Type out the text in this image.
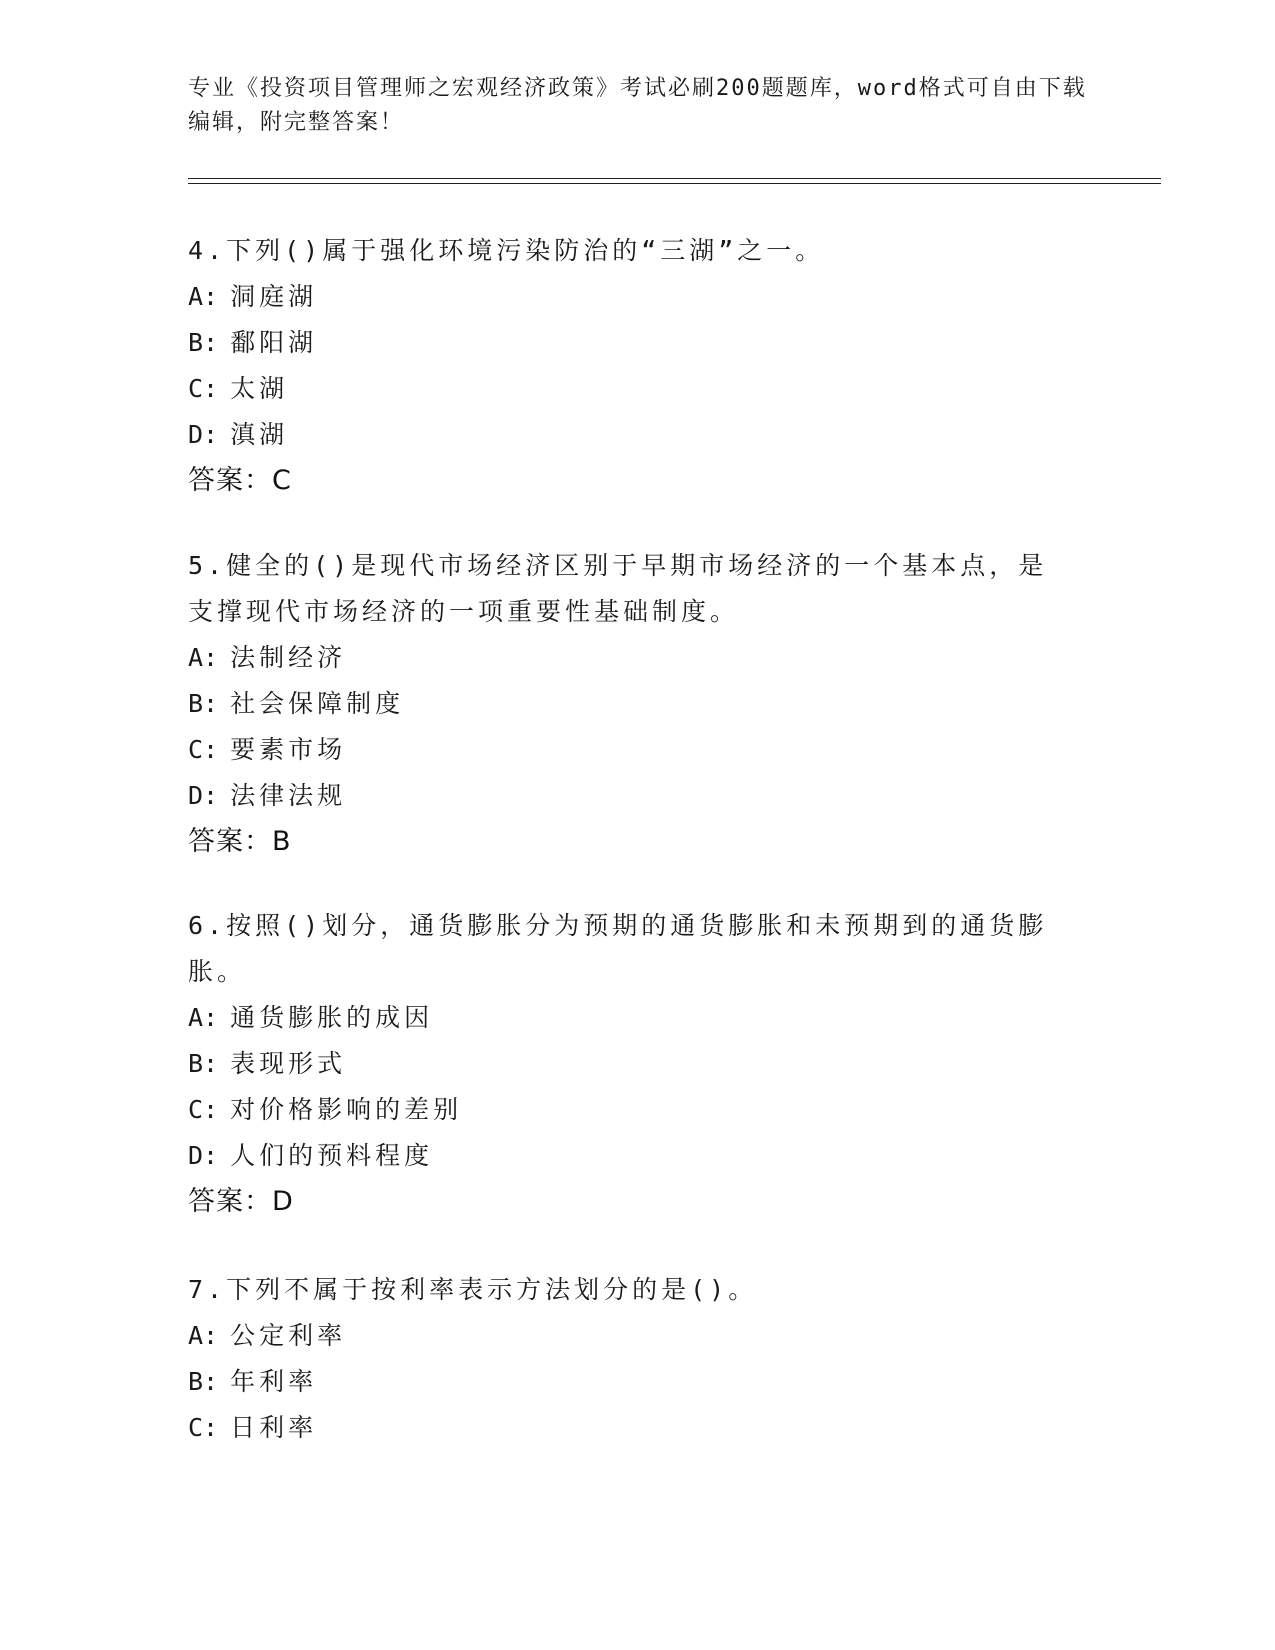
专业《投资项目管理师之宏观经济政策》考试必刷200题题库，word格式可自由下载编辑，附完整答案！

4.下列()属于强化环境污染防治的“三湖”之一。

A: 洞庭湖

B: 鄱阳湖

C: 太湖

D: 滇湖

答案：C

5.健全的()是现代市场经济区别于早期市场经济的一个基本点，是支撑现代市场经济的一项重要性基础制度。

A: 法制经济

B: 社会保障制度

C: 要素市场

D: 法律法规

答案：B

6.按照()划分，通货膨胀分为预期的通货膨胀和未预期到的通货膨胀。

A: 通货膨胀的成因

B: 表现形式

C: 对价格影响的差别

D: 人们的预料程度

答案：D

7.下列不属于按利率表示方法划分的是()。

A: 公定利率

B: 年利率

C: 日利率
